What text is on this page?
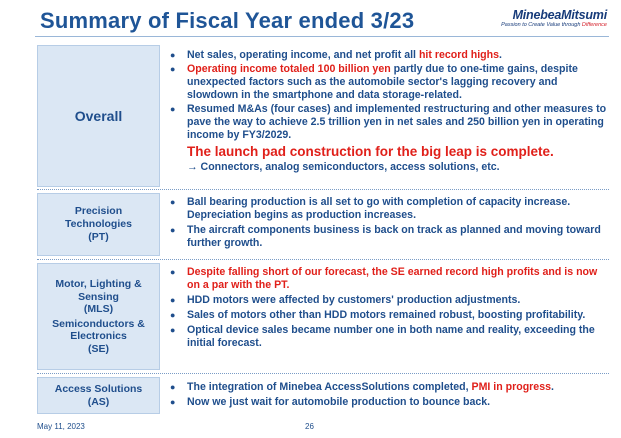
Summary of Fiscal Year ended 3/23	MinebeaMitsumi
Passion to Create Value through Difference
Overall
● Net sales, operating income, and net profit all hit record highs.
● Operating income totaled 100 billion yen partly due to one-time gains, despite unexpected factors such as the automobile sector's lagging recovery and slowdown in the smartphone and data storage-related.
● Resumed M&As (four cases) and implemented restructuring and other measures to pave the way to achieve 2.5 trillion yen in net sales and 250 billion yen in operating income by FY3/2029.
The launch pad construction for the big leap is complete.
→ Connectors, analog semiconductors, access solutions, etc.
Precision
Technologies
(PT)
● Ball bearing production is all set to go with completion of capacity increase. Depreciation begins as production increases.
● The aircraft components business is back on track as planned and moving toward further growth.
Motor, Lighting &
Sensing
(MLS)
Semiconductors &
Electronics
(SE)
● Despite falling short of our forecast, the SE earned record high profits and is now on a par with the PT.
● HDD motors were affected by customers' production adjustments.
● Sales of motors other than HDD motors remained robust, boosting profitability.
● Optical device sales became number one in both name and reality, exceeding the initial forecast.
Access Solutions
(AS)
● The integration of Minebea AccessSolutions completed, PMI in progress.
● Now we just wait for automobile production to bounce back.
May 11, 2023	26
